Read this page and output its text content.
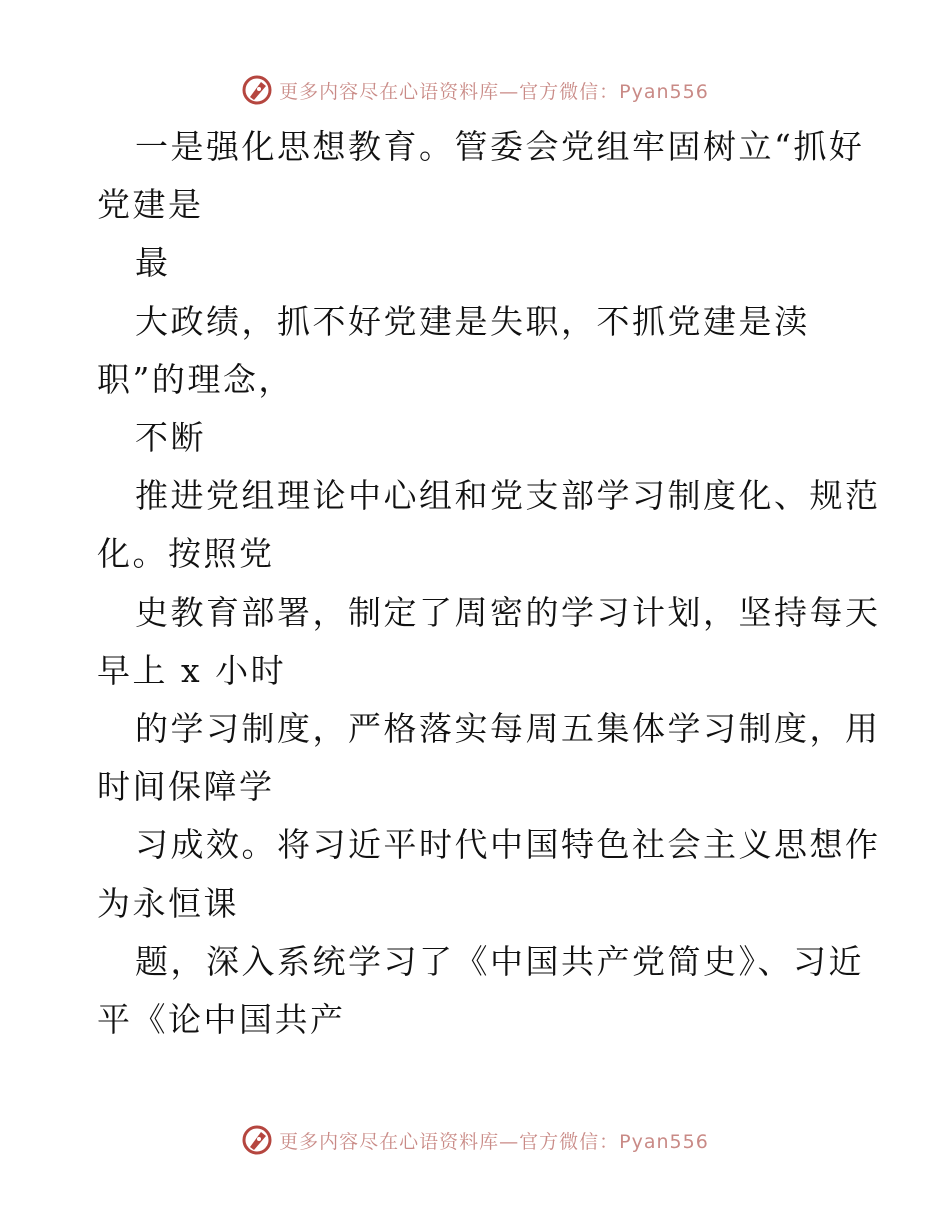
更多内容尽在心语资料库—官方微信：Pyan556
一是强化思想教育。管委会党组牢固树立“抓好
党建是
最
大政绩，抓不好党建是失职，不抓党建是渎
职”的理念，
不断
推进党组理论中心组和党支部学习制度化、规范
化。按照党
史教育部署，制定了周密的学习计划，坚持每天
早上 x 小时
的学习制度，严格落实每周五集体学习制度，用
时间保障学
习成效。将习近平时代中国特色社会主义思想作
为永恒课
题，深入系统学习了《中国共产党简史》、习近
平《论中国共产
更多内容尽在心语资料库—官方微信：Pyan556
